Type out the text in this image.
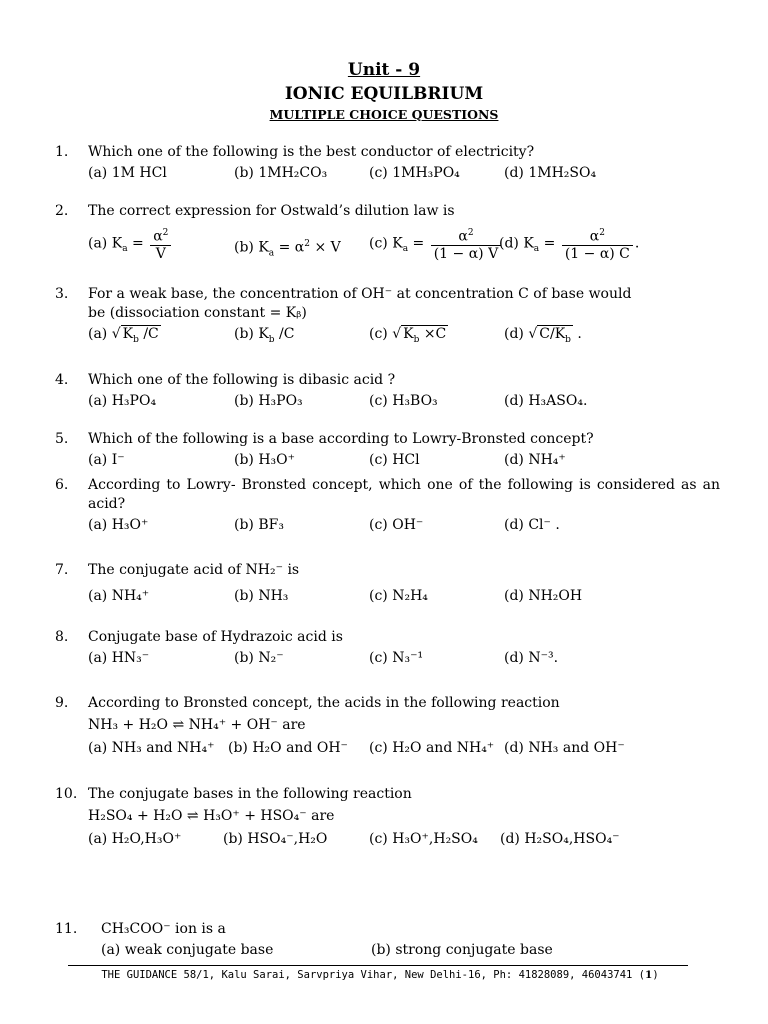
Unit - 9
IONIC EQUILBRIUM
MULTIPLE CHOICE QUESTIONS
1.	Which one of the following is the best conductor of electricity?
(a) 1M HCl	(b) 1MH₂CO₃	(c) 1MH₃PO₄	(d) 1MH₂SO₄
2.	The correct expression for Ostwald’s dilution law is
(a) $K_a = \frac{\alpha^2}{V}$	(b) $K_a = \alpha^2 \times V$ (c) $K_a = \frac{\alpha^2}{(1 - \alpha) V}$
(d) $K_a = \frac{\alpha^2}{(1 - \alpha) C}$ .
3.	For a weak base, the concentration of OH⁻ at concentration C of base would
be (dissociation constant = Kᵦ)
(a) √ $K_b$ /C	(b) $K_b$ /C	(c) √ $K_b \times C$	(d) √ $C/K_b$ .
4.	Which one of the following is dibasic acid ?
(a) H₃PO₄	(b) H₃PO₃	(c) H₃BO₃	(d) H₃ASO₄.
5.	Which of the following is a base according to Lowry-Bronsted concept?
(a) I⁻	(b) H₃O⁺	(c) HCl	(d) NH₄⁺
6.	According to Lowry- Bronsted concept, which one of the following is considered as an acid?
(a) H₃O⁺	(b) BF₃	(c) OH⁻	(d) Cl⁻ .
7.	The conjugate acid of NH₂⁻ is
(a) NH₄⁺	(b) NH₃	(c) N₂H₄	(d) NH₂OH
8.	Conjugate base of Hydrazoic acid is
(a) HN₃⁻	(b) N₂⁻	(c) N₃⁻¹	(d) N⁻³.
9.	According to Bronsted concept, the acids in the following reaction
NH₃ + H₂O ⇌ NH₄⁺ + OH⁻ are
(a) NH₃ and NH₄⁺ (b) H₂O and OH⁻ (c) H₂O and NH₄⁺ (d) NH₃ and OH⁻
10. The conjugate bases in the following reaction
H₂SO₄ + H₂O ⇌ H₃O⁺ + HSO₄⁻ are
(a) H₂O,H₃O⁺	(b) HSO₄⁻,H₂O	(c) H₃O⁺,H₂SO₄ (d) H₂SO₄,HSO₄⁻
11.	CH₃COO⁻ ion is a
(a) weak conjugate base	(b) strong conjugate base
THE GUIDANCE 58/1, Kalu Sarai, Sarvpriya Vihar, New Delhi-16, Ph: 41828089, 46043741 (1)
